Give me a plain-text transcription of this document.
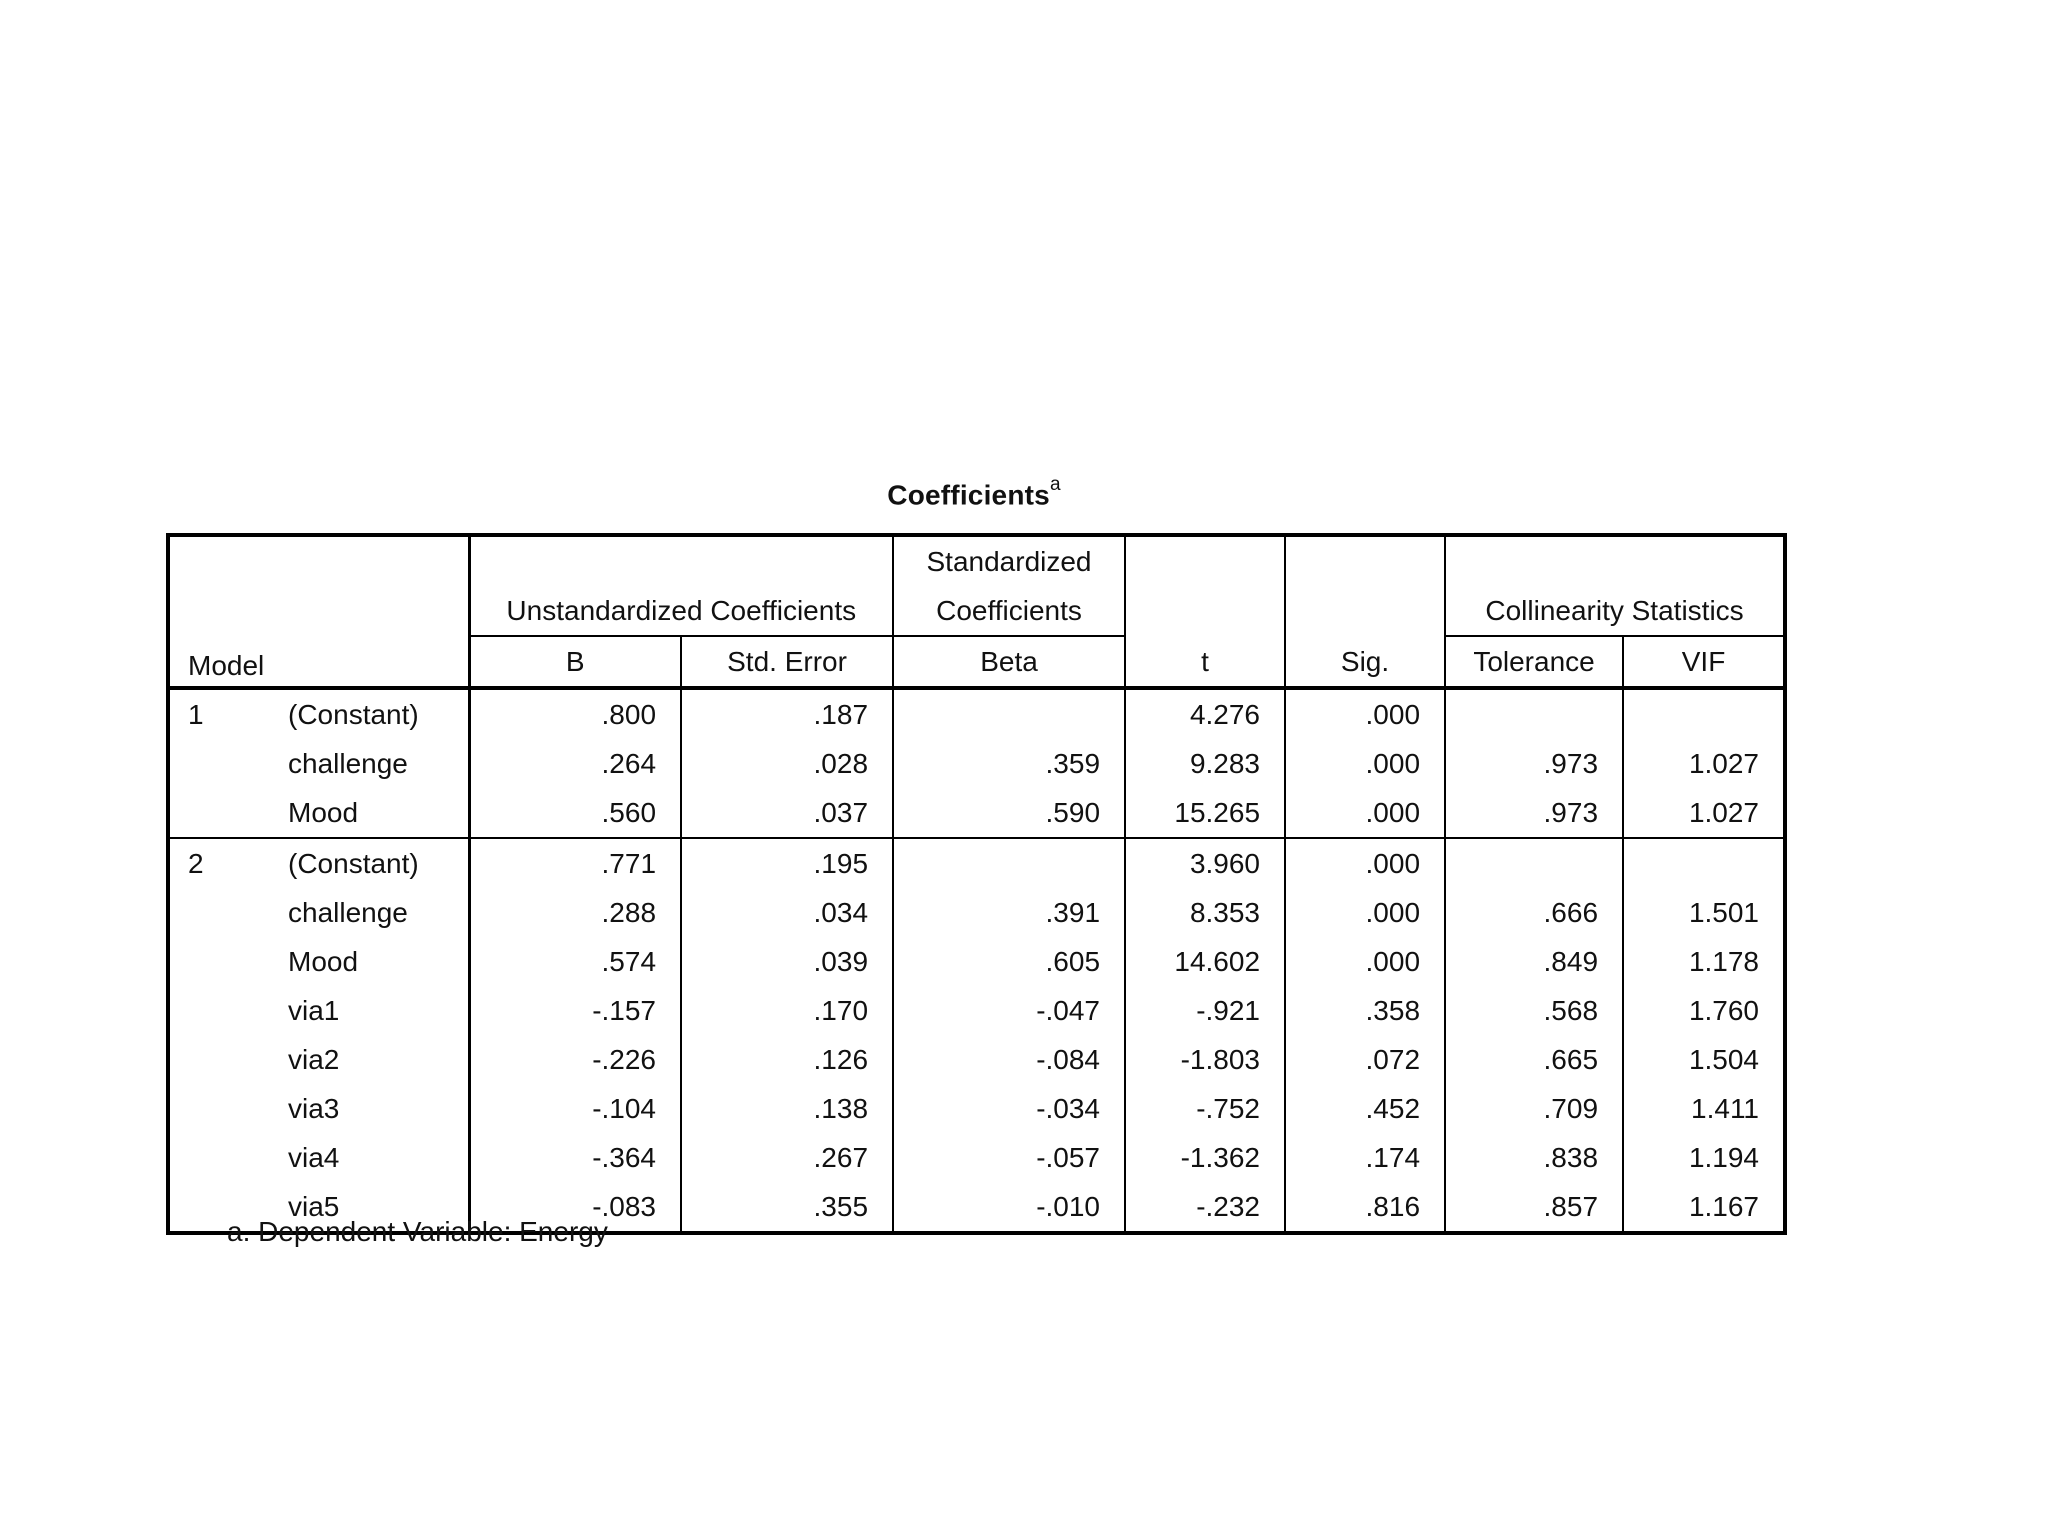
Coefficients$^a$
Model		Unstandardized Coefficients		Standardized
Coefficients	t	Sig.	Collinearity Statistics	
		B	Std. Error	Beta			Tolerance	VIF
1	(Constant)	.800	.187		4.276	.000		
	challenge	.264	.028	.359	9.283	.000	.973	1.027
	Mood	.560	.037	.590	15.265	.000	.973	1.027
2	(Constant)	.771	.195		3.960	.000		
	challenge	.288	.034	.391	8.353	.000	.666	1.501
	Mood	.574	.039	.605	14.602	.000	.849	1.178
	via1	-.157	.170	-.047	-.921	.358	.568	1.760
	via2	-.226	.126	-.084	-1.803	.072	.665	1.504
	via3	-.104	.138	-.034	-.752	.452	.709	1.411
	via4	-.364	.267	-.057	-1.362	.174	.838	1.194
	via5	-.083	.355	-.010	-.232	.816	.857	1.167
a. Dependent Variable: Energy
